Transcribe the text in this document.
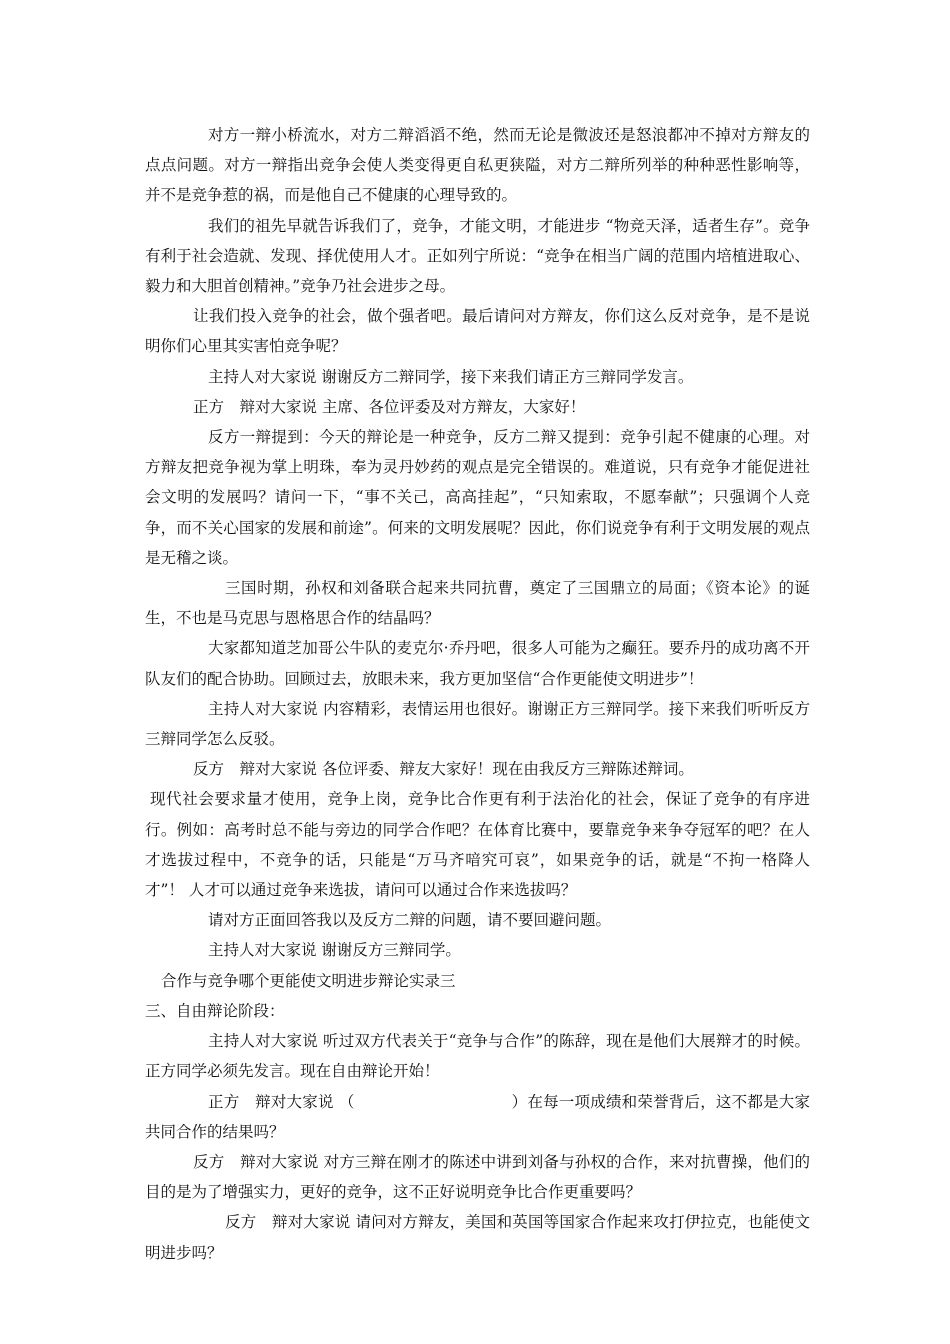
对方一辩小桥流水，对方二辩滔滔不绝，然而无论是微波还是怒浪都冲不掉对方辩友的点点问题。对方一辩指出竞争会使人类变得更自私更狭隘，对方二辩所列举的种种恶性影响等，并不是竞争惹的祸，而是他自己不健康的心理导致的。

我们的祖先早就告诉我们了，竞争，才能文明，才能进步 “物竞天泽，适者生存”。竞争有利于社会造就、发现、择优使用人才。正如列宁所说：“竞争在相当广阔的范围内培植进取心、毅力和大胆首创精神。”竞争乃社会进步之母。

让我们投入竞争的社会，做个强者吧。最后请问对方辩友，你们这么反对竞争，是不是说明你们心里其实害怕竞争呢？

主持人对大家说 谢谢反方二辩同学，接下来我们请正方三辩同学发言。

正方　辩对大家说 主席、各位评委及对方辩友，大家好！

反方一辩提到：今天的辩论是一种竞争，反方二辩又提到：竞争引起不健康的心理。对方辩友把竞争视为掌上明珠，奉为灵丹妙药的观点是完全错误的。难道说，只有竞争才能促进社会文明的发展吗？请问一下，“事不关己，高高挂起”，“只知索取，不愿奉献”；只强调个人竞争，而不关心国家的发展和前途”。何来的文明发展呢？因此，你们说竞争有利于文明发展的观点是无稽之谈。

三国时期，孙权和刘备联合起来共同抗曹，奠定了三国鼎立的局面；《资本论》的诞生，不也是马克思与恩格思合作的结晶吗？

大家都知道芝加哥公牛队的麦克尔·乔丹吧，很多人可能为之癫狂。要乔丹的成功离不开队友们的配合协助。回顾过去，放眼未来，我方更加坚信“合作更能使文明进步”！

主持人对大家说 内容精彩，表情运用也很好。谢谢正方三辩同学。接下来我们听听反方三辩同学怎么反驳。

反方　辩对大家说 各位评委、辩友大家好！现在由我反方三辩陈述辩词。

现代社会要求量才使用，竞争上岗，竞争比合作更有利于法治化的社会，保证了竞争的有序进行。例如：高考时总不能与旁边的同学合作吧？在体育比赛中，要靠竞争来争夺冠军的吧？在人才选拔过程中，不竞争的话，只能是“万马齐喑究可哀”，如果竞争的话，就是“不拘一格降人才”！ 人才可以通过竞争来选拔，请问可以通过合作来选拔吗？

请对方正面回答我以及反方二辩的问题，请不要回避问题。

主持人对大家说 谢谢反方三辩同学。

合作与竞争哪个更能使文明进步辩论实录三

三、自由辩论阶段：

主持人对大家说 听过双方代表关于“竞争与合作”的陈辞，现在是他们大展辩才的时候。正方同学必须先发言。现在自由辩论开始！

正方　辩对大家说 （　　　　　　　　　　）在每一项成绩和荣誉背后，这不都是大家共同合作的结果吗？

反方　辩对大家说 对方三辩在刚才的陈述中讲到刘备与孙权的合作，来对抗曹操，他们的目的是为了增强实力，更好的竞争，这不正好说明竞争比合作更重要吗？

反方　辩对大家说 请问对方辩友，美国和英国等国家合作起来攻打伊拉克，也能使文明进步吗？
